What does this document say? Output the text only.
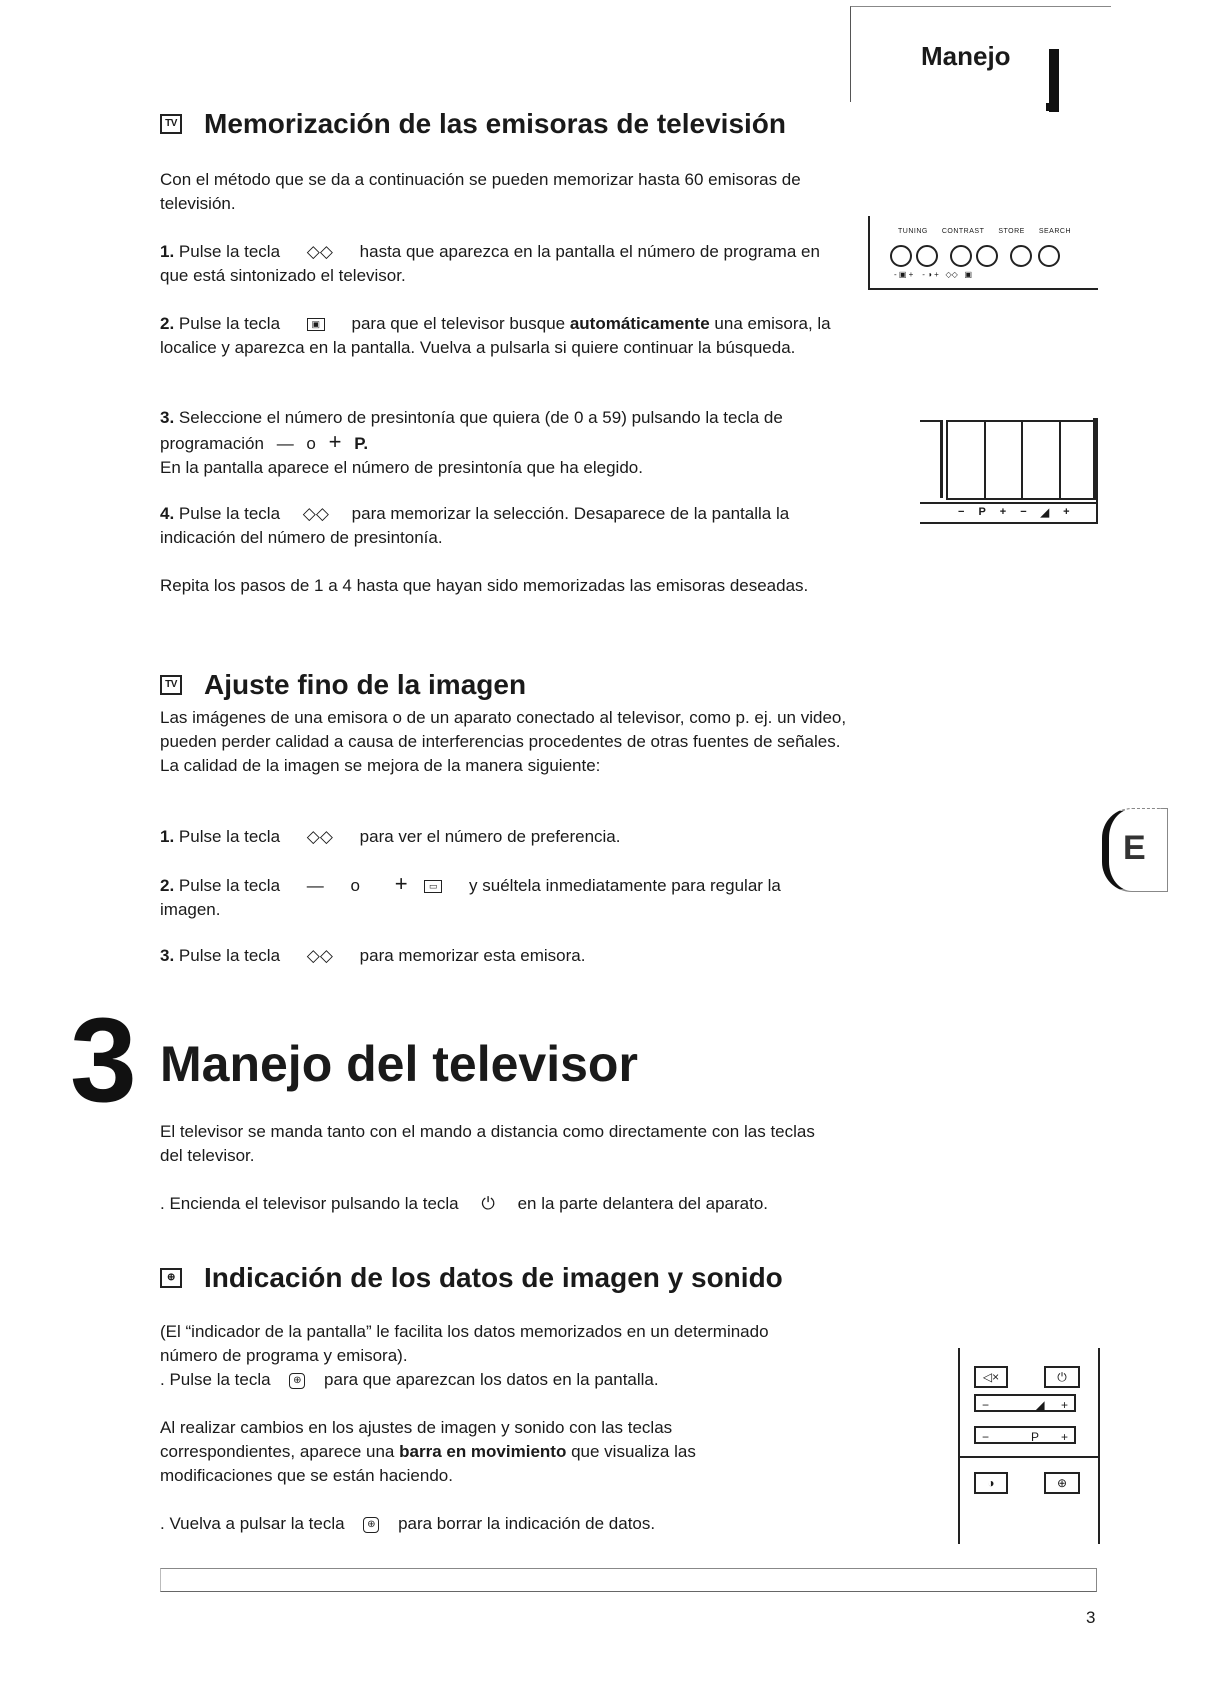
Manejo
TV Memorización de las emisoras de televisión
Con el método que se da a continuación se pueden memorizar hasta 60 emisoras de televisión.
1. Pulse la tecla ◇◇ hasta que aparezca en la pantalla el número de programa en que está sintonizado el televisor.
2. Pulse la tecla	▣ para que el televisor busque automáticamente una emisora, la localice y aparezca en la pantalla. Vuelva a pulsarla si quiere continuar la búsqueda.
3. Seleccione el número de presintonía que quiera (de 0 a 59) pulsando la tecla de
programación — o + P.
En la pantalla aparece el número de presintonía que ha elegido.
4. Pulse la tecla ◇◇ para memorizar la selección. Desaparece de la pantalla la indicación del número de presintonía.
Repita los pasos de 1 a 4 hasta que hayan sido memorizadas las emisoras deseadas.
TUNING CONTRAST STORE SEARCH
- ▣ +    - ◑ +   ◇◇   ▣
− P + − ◢ +
TV Ajuste fino de la imagen
Las imágenes de una emisora o de un aparato conectado al televisor, como p. ej. un video, pueden perder calidad a causa de interferencias procedentes de otras fuentes de señales.
La calidad de la imagen se mejora de la manera siguiente:
1. Pulse la tecla ◇◇ para ver el número de preferencia.
2. Pulse la tecla — o + ▭ y suéltela inmediatamente para regular la imagen.
3. Pulse la tecla ◇◇ para memorizar esta emisora.
E
3 Manejo del televisor
El televisor se manda tanto con el mando a distancia como directamente con las teclas del televisor.
. Encienda el televisor pulsando la tecla ⏻ en la parte delantera del aparato.
⊕ Indicación de los datos de imagen y sonido
(El “indicador de la pantalla” le facilita los datos memorizados en un determinado número de programa y emisora).
. Pulse la tecla ⊕ para que aparezcan los datos en la pantalla.
Al realizar cambios en los ajustes de imagen y sonido con las teclas correspondientes, aparece una barra en movimiento que visualiza las modificaciones que se están haciendo.
. Vuelva a pulsar la tecla ⊕ para borrar la indicación de datos.
◁×	⏻
−	◢ +
−	P +
◑	⊕
3
